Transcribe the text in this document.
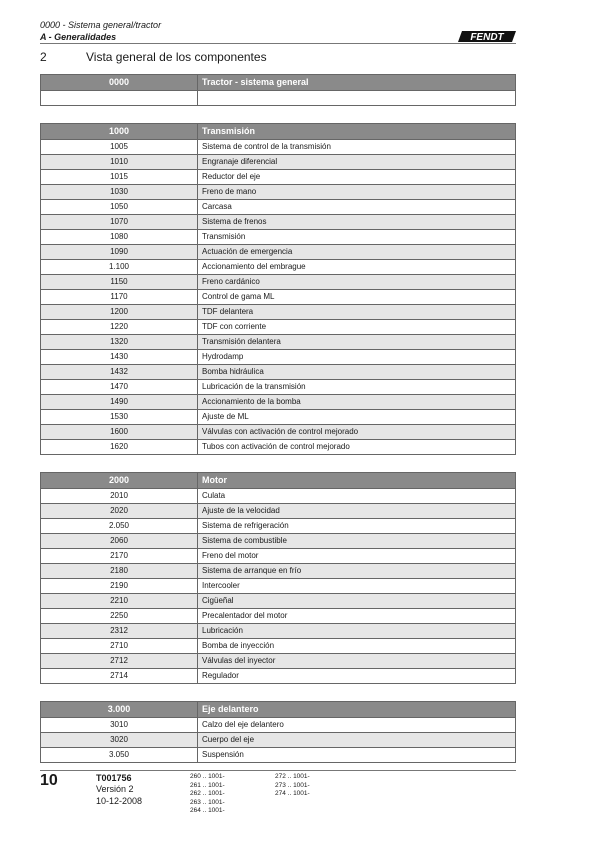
0000 - Sistema general/tractor
A - Generalidades	FENDT
2	Vista general de los componentes
0000	Tractor - sistema general

1000	Transmisión
1005	Sistema de control de la transmisión
1010	Engranaje diferencial
1015	Reductor del eje
1030	Freno de mano
1050	Carcasa
1070	Sistema de frenos
1080	Transmisión
1090	Actuación de emergencia
1.100	Accionamiento del embrague
1150	Freno cardánico
1170	Control de gama ML
1200	TDF delantera
1220	TDF con corriente
1320	Transmisión delantera
1430	Hydrodamp
1432	Bomba hidráulica
1470	Lubricación de la transmisión
1490	Accionamiento de la bomba
1530	Ajuste de ML
1600	Válvulas con activación de control mejorado
1620	Tubos con activación de control mejorado
2000	Motor
2010	Culata
2020	Ajuste de la velocidad
2.050	Sistema de refrigeración
2060	Sistema de combustible
2170	Freno del motor
2180	Sistema de arranque en frío
2190	Intercooler
2210	Cigüeñal
2250	Precalentador del motor
2312	Lubricación
2710	Bomba de inyección
2712	Válvulas del inyector
2714	Regulador
3.000	Eje delantero
3010	Calzo del eje delantero
3020	Cuerpo del eje
3.050	Suspensión
10	T001756
Versión 2
10-12-2008
260 .. 1001-
261 .. 1001-
262 .. 1001-
263 .. 1001-
264 .. 1001-
272 .. 1001-
273 .. 1001-
274 .. 1001-
